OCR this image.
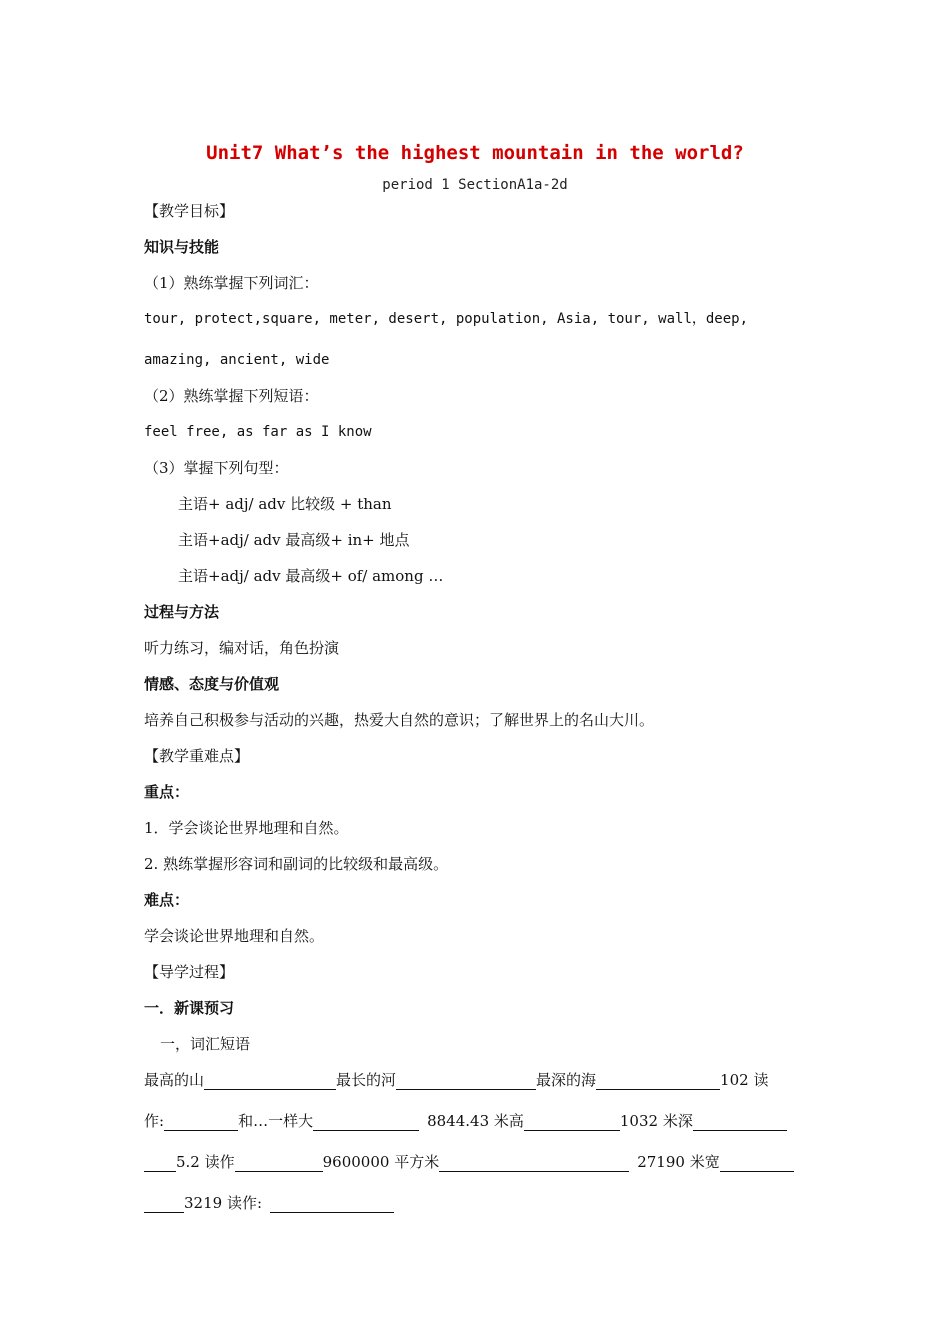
Unit7 What’s the highest mountain in the world?
period 1 SectionA1a-2d
【教学目标】
知识与技能
（1）熟练掌握下列词汇：
tour, protect,square, meter, desert, population, Asia, tour, wall，deep,
amazing, ancient, wide
（2）熟练掌握下列短语：
feel free, as far as I know
（3）掌握下列句型：
主语+ adj/ adv 比较级 + than
主语+adj/ adv 最高级+ in+ 地点
主语+adj/ adv 最高级+ of/ among …
过程与方法
听力练习，编对话，角色扮演
情感、态度与价值观
培养自己积极参与活动的兴趣，热爱大自然的意识；了解世界上的名山大川。
【教学重难点】
重点：
1．学会谈论世界地理和自然。
2. 熟练掌握形容词和副词的比较级和最高级。
难点：
学会谈论世界地理和自然。
【导学过程】
一．新课预习
一，词汇短语
最高的山	最长的河	最深的海	102 读
作:	和…一样大	8844.43 米高	1032 米深
5.2 读作	9600000 平方米	27190 米宽
3219 读作:
